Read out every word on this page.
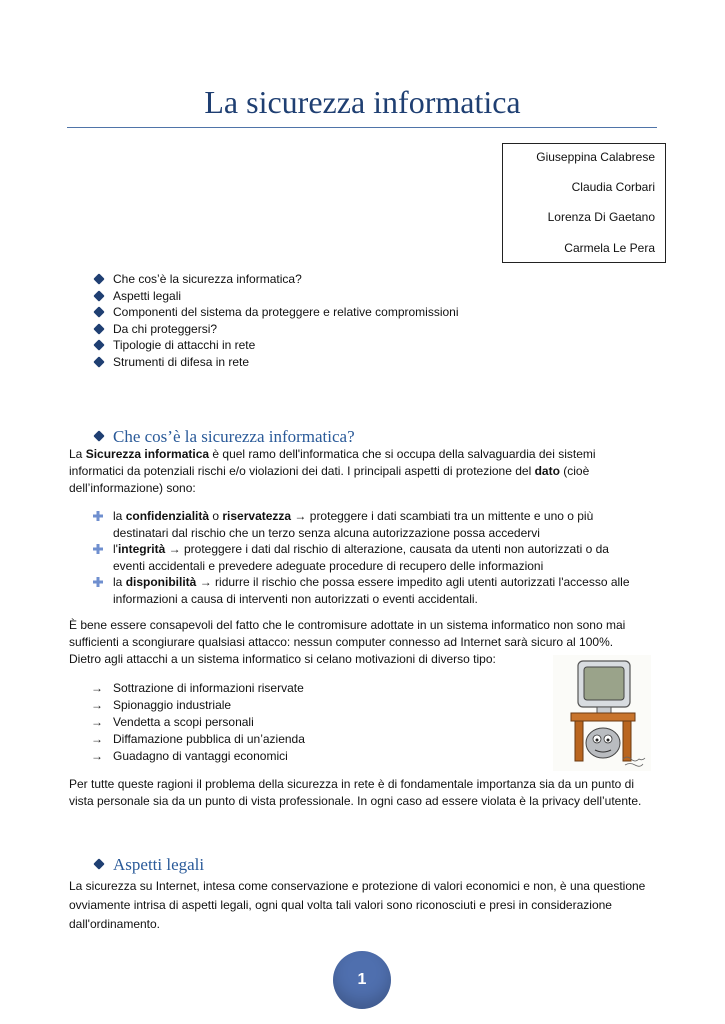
La sicurezza informatica
Giuseppina Calabrese
Claudia Corbari
Lorenza Di Gaetano
Carmela Le Pera
Che cos’è la sicurezza informatica?
Aspetti legali
Componenti del sistema da proteggere e relative compromissioni
Da chi proteggersi?
Tipologie di attacchi in rete
Strumenti di difesa in rete
Che cos’è la sicurezza informatica?
La Sicurezza informatica è quel ramo dell'informatica che si occupa della salvaguardia dei sistemi
informatici da potenziali rischi e/o violazioni dei dati. I principali aspetti di protezione del dato (cioè
dell’informazione) sono:
la confidenzialità o riservatezza → proteggere i dati scambiati tra un mittente e uno o più
destinatari dal rischio che un terzo senza alcuna autorizzazione possa accedervi
l'integrità → proteggere i dati dal rischio di alterazione, causata da utenti non autorizzati o da
eventi accidentali e prevedere adeguate procedure di recupero delle informazioni
la disponibilità → ridurre il rischio che possa essere impedito agli utenti autorizzati l'accesso alle
informazioni a causa di interventi non autorizzati o eventi accidentali.
È bene essere consapevoli del fatto che le contromisure adottate in un sistema informatico non sono mai
sufficienti a scongiurare qualsiasi attacco: nessun computer connesso ad Internet sarà sicuro al 100%.
Dietro agli attacchi a un sistema informatico si celano motivazioni di diverso tipo:
→ Sottrazione di informazioni riservate
→ Spionaggio industriale
→ Vendetta a scopi personali
→ Diffamazione pubblica di un’azienda
→ Guadagno di vantaggi economici
Per tutte queste ragioni il problema della sicurezza in rete è di fondamentale importanza sia da un punto di
vista personale sia da un punto di vista professionale. In ogni caso ad essere violata è la privacy dell’utente.
Aspetti legali
La sicurezza su Internet, intesa come conservazione e protezione di valori economici e non, è una questione
ovviamente intrisa di aspetti legali, ogni qual volta tali valori sono riconosciuti e presi in considerazione
dall'ordinamento.
1
